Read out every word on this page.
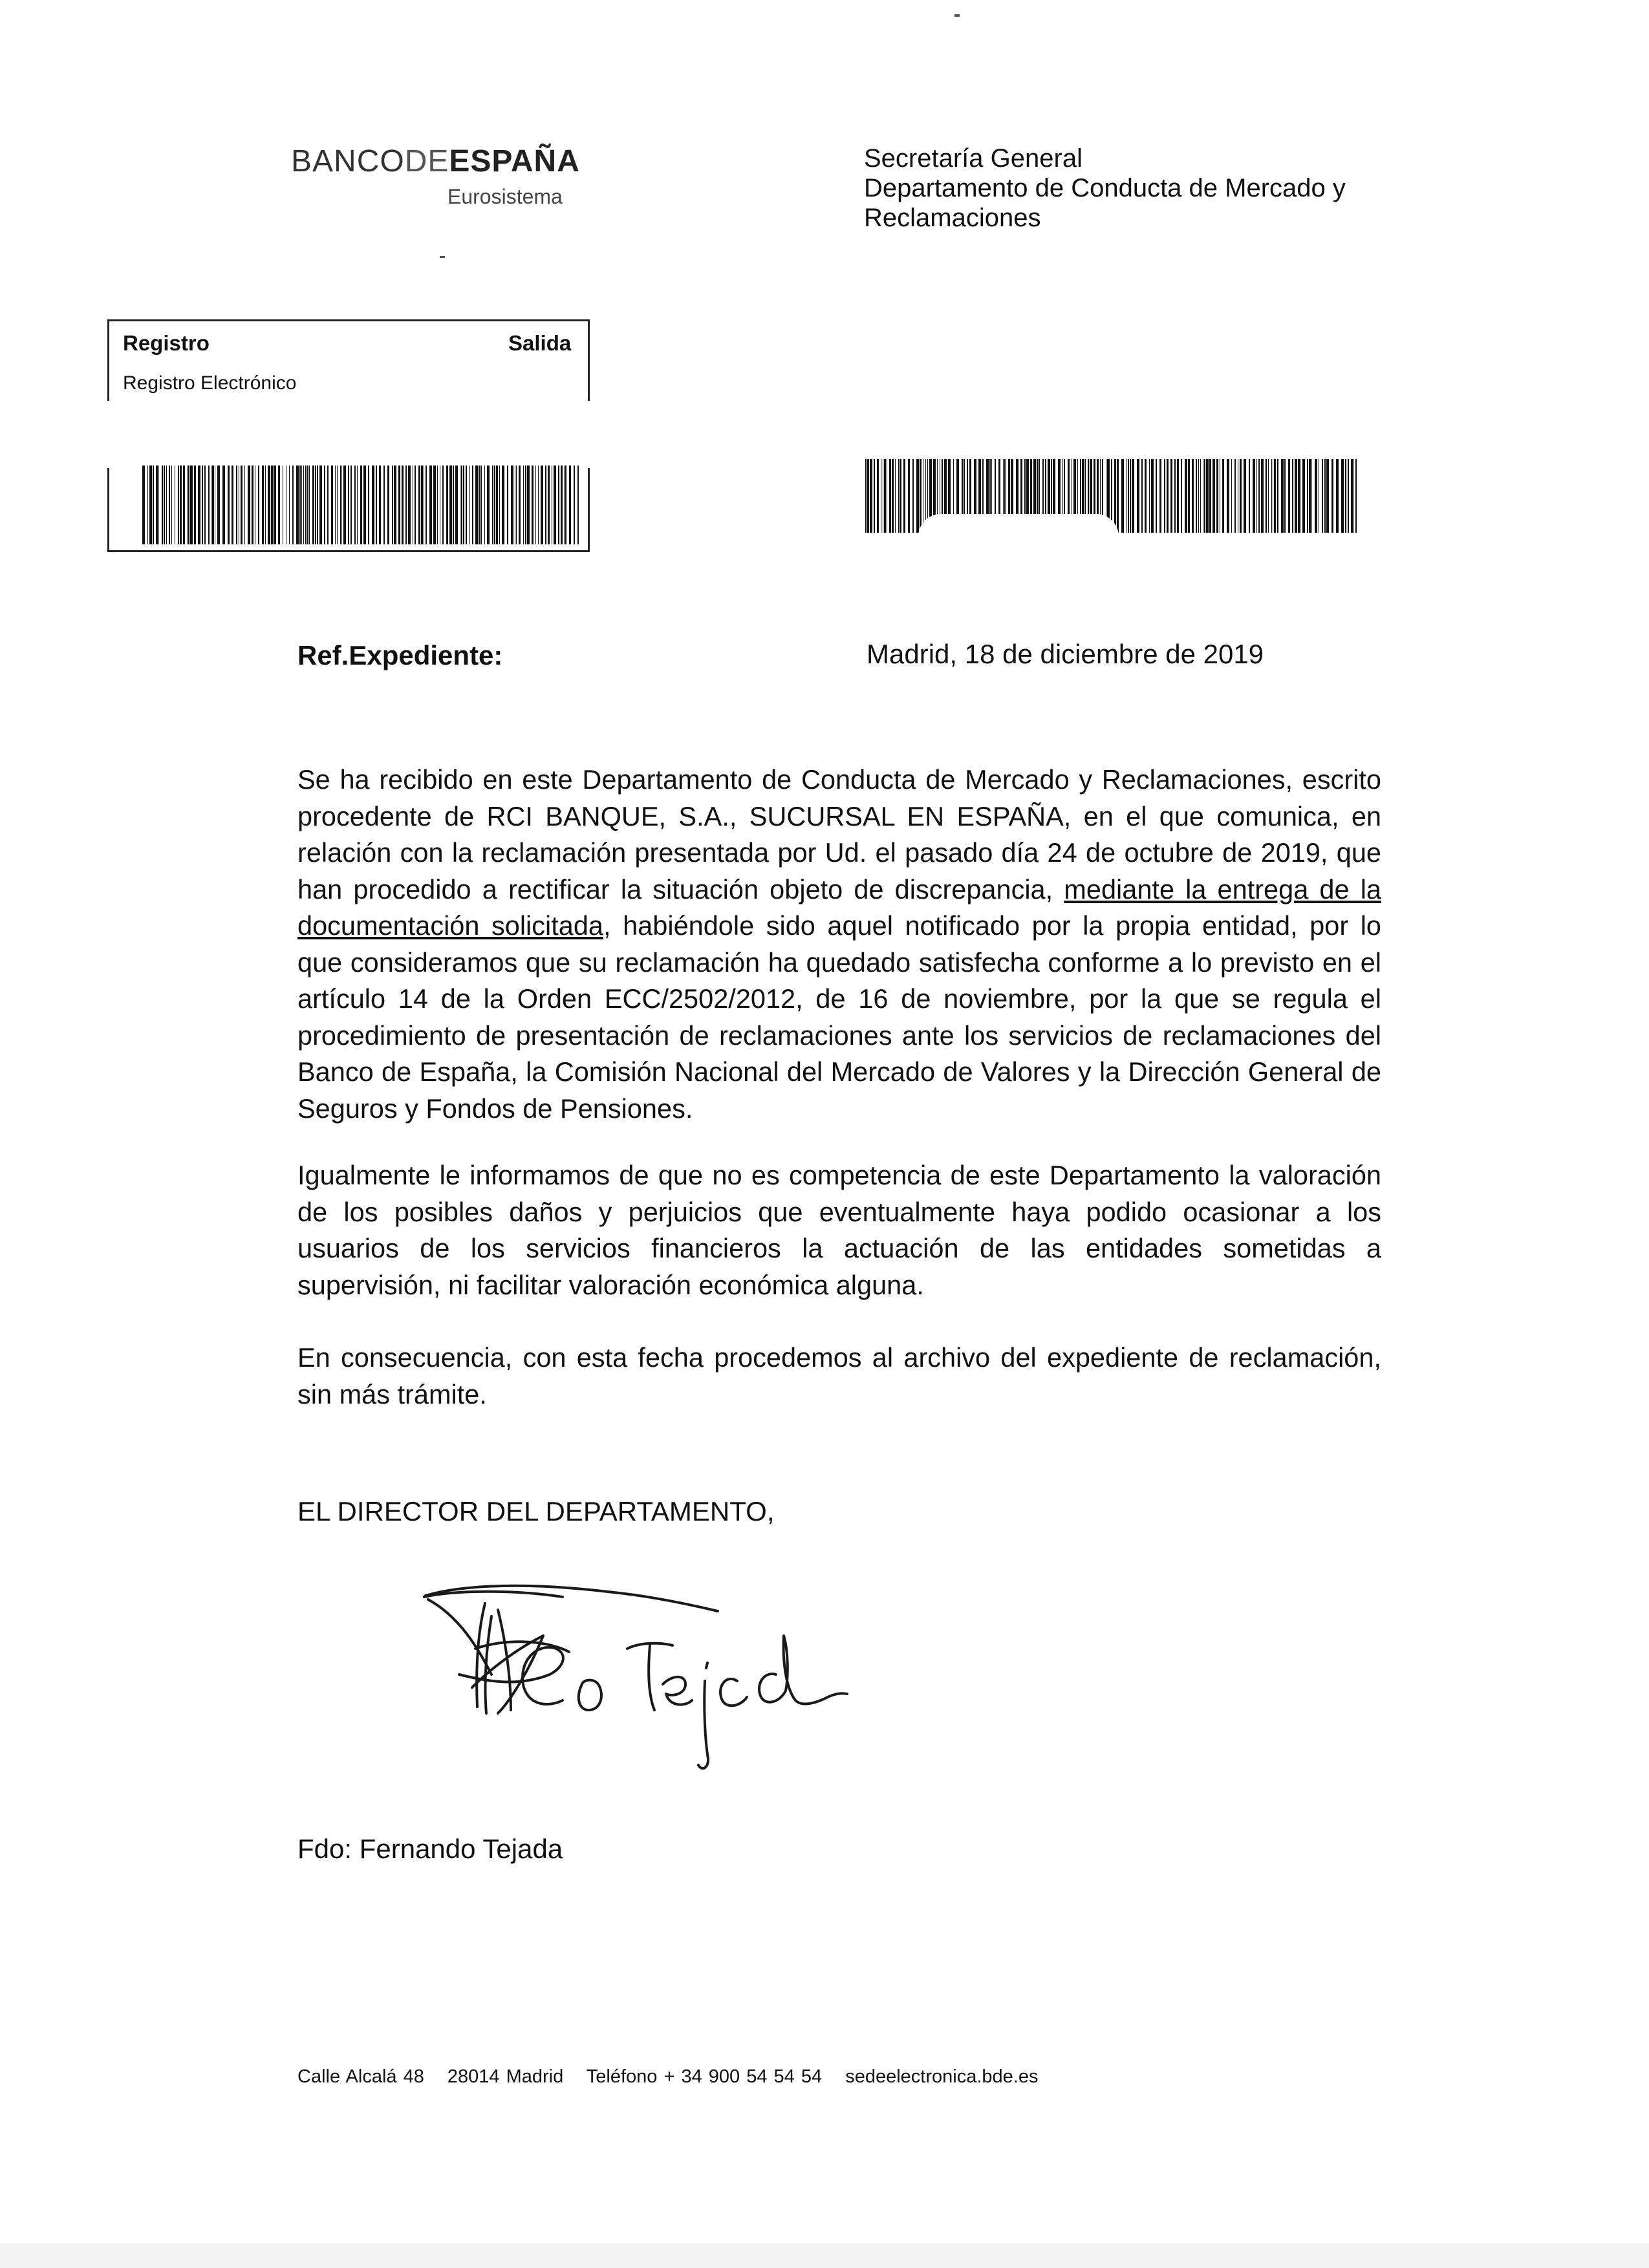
BANCODEESPAÑA
Eurosistema
Secretaría General
Departamento de Conducta de Mercado y
Reclamaciones
Registro	Salida
Registro Electrónico
Ref.Expediente:	Madrid, 18 de diciembre de 2019
Se ha recibido en este Departamento de Conducta de Mercado y Reclamaciones, escrito procedente de RCI BANQUE, S.A., SUCURSAL EN ESPAÑA, en el que comunica, en relación con la reclamación presentada por Ud. el pasado día 24 de octubre de 2019, que han procedido a rectificar la situación objeto de discrepancia, mediante la entrega de la documentación solicitada, habiéndole sido aquel notificado por la propia entidad, por lo que consideramos que su reclamación ha quedado satisfecha conforme a lo previsto en el artículo 14 de la Orden ECC/2502/2012, de 16 de noviembre, por la que se regula el procedimiento de presentación de reclamaciones ante los servicios de reclamaciones del Banco de España, la Comisión Nacional del Mercado de Valores y la Dirección General de Seguros y Fondos de Pensiones.
Igualmente le informamos de que no es competencia de este Departamento la valoración de los posibles daños y perjuicios que eventualmente haya podido ocasionar a los usuarios de los servicios financieros la actuación de las entidades sometidas a supervisión, ni facilitar valoración económica alguna.
En consecuencia, con esta fecha procedemos al archivo del expediente de reclamación, sin más trámite.
EL DIRECTOR DEL DEPARTAMENTO,
Fdo: Fernando Tejada
Calle Alcalá 48 28014 Madrid Teléfono + 34 900 54 54 54 sedeelectronica.bde.es
